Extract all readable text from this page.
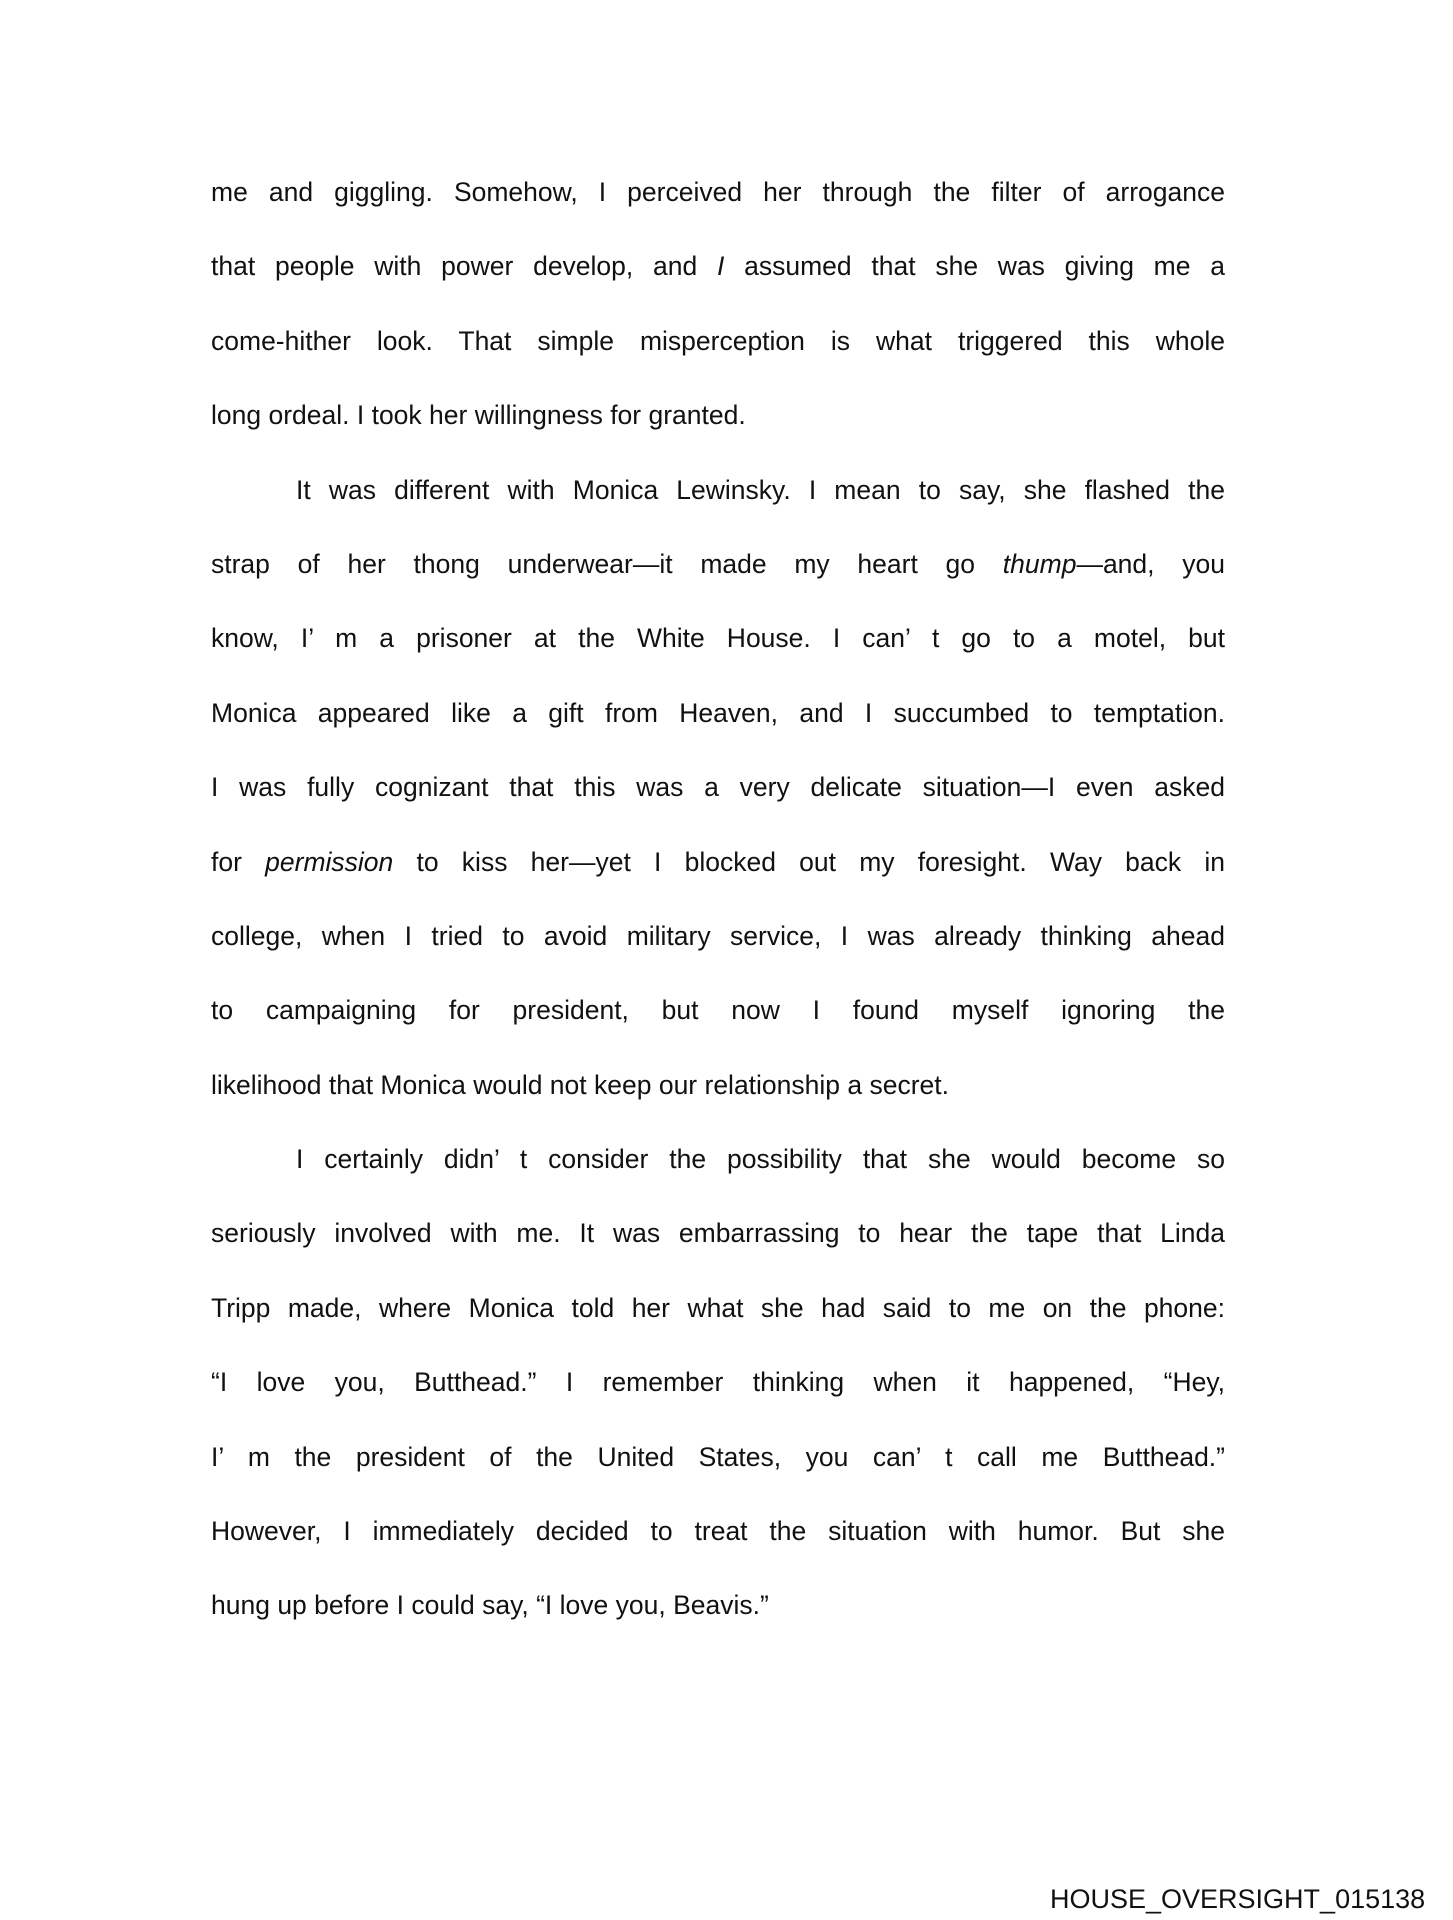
me and giggling. Somehow, I perceived her through the filter of arrogance
that people with power develop, and I assumed that she was giving me a
come-hither look. That simple misperception is what triggered this whole
long ordeal. I took her willingness for granted.
It was different with Monica Lewinsky. I mean to say, she flashed the
strap of her thong underwear—it made my heart go thump—and, you
know, I’ m a prisoner at the White House. I can’ t go to a motel, but
Monica appeared like a gift from Heaven, and I succumbed to temptation.
I was fully cognizant that this was a very delicate situation—I even asked
for permission to kiss her—yet I blocked out my foresight. Way back in
college, when I tried to avoid military service, I was already thinking ahead
to campaigning for president, but now I found myself ignoring the
likelihood that Monica would not keep our relationship a secret.
I certainly didn’ t consider the possibility that she would become so
seriously involved with me. It was embarrassing to hear the tape that Linda
Tripp made, where Monica told her what she had said to me on the phone:
“I love you, Butthead.” I remember thinking when it happened, “Hey,
I’ m the president of the United States, you can’ t call me Butthead.”
However, I immediately decided to treat the situation with humor. But she
hung up before I could say, “I love you, Beavis.”
HOUSE_OVERSIGHT_015138
